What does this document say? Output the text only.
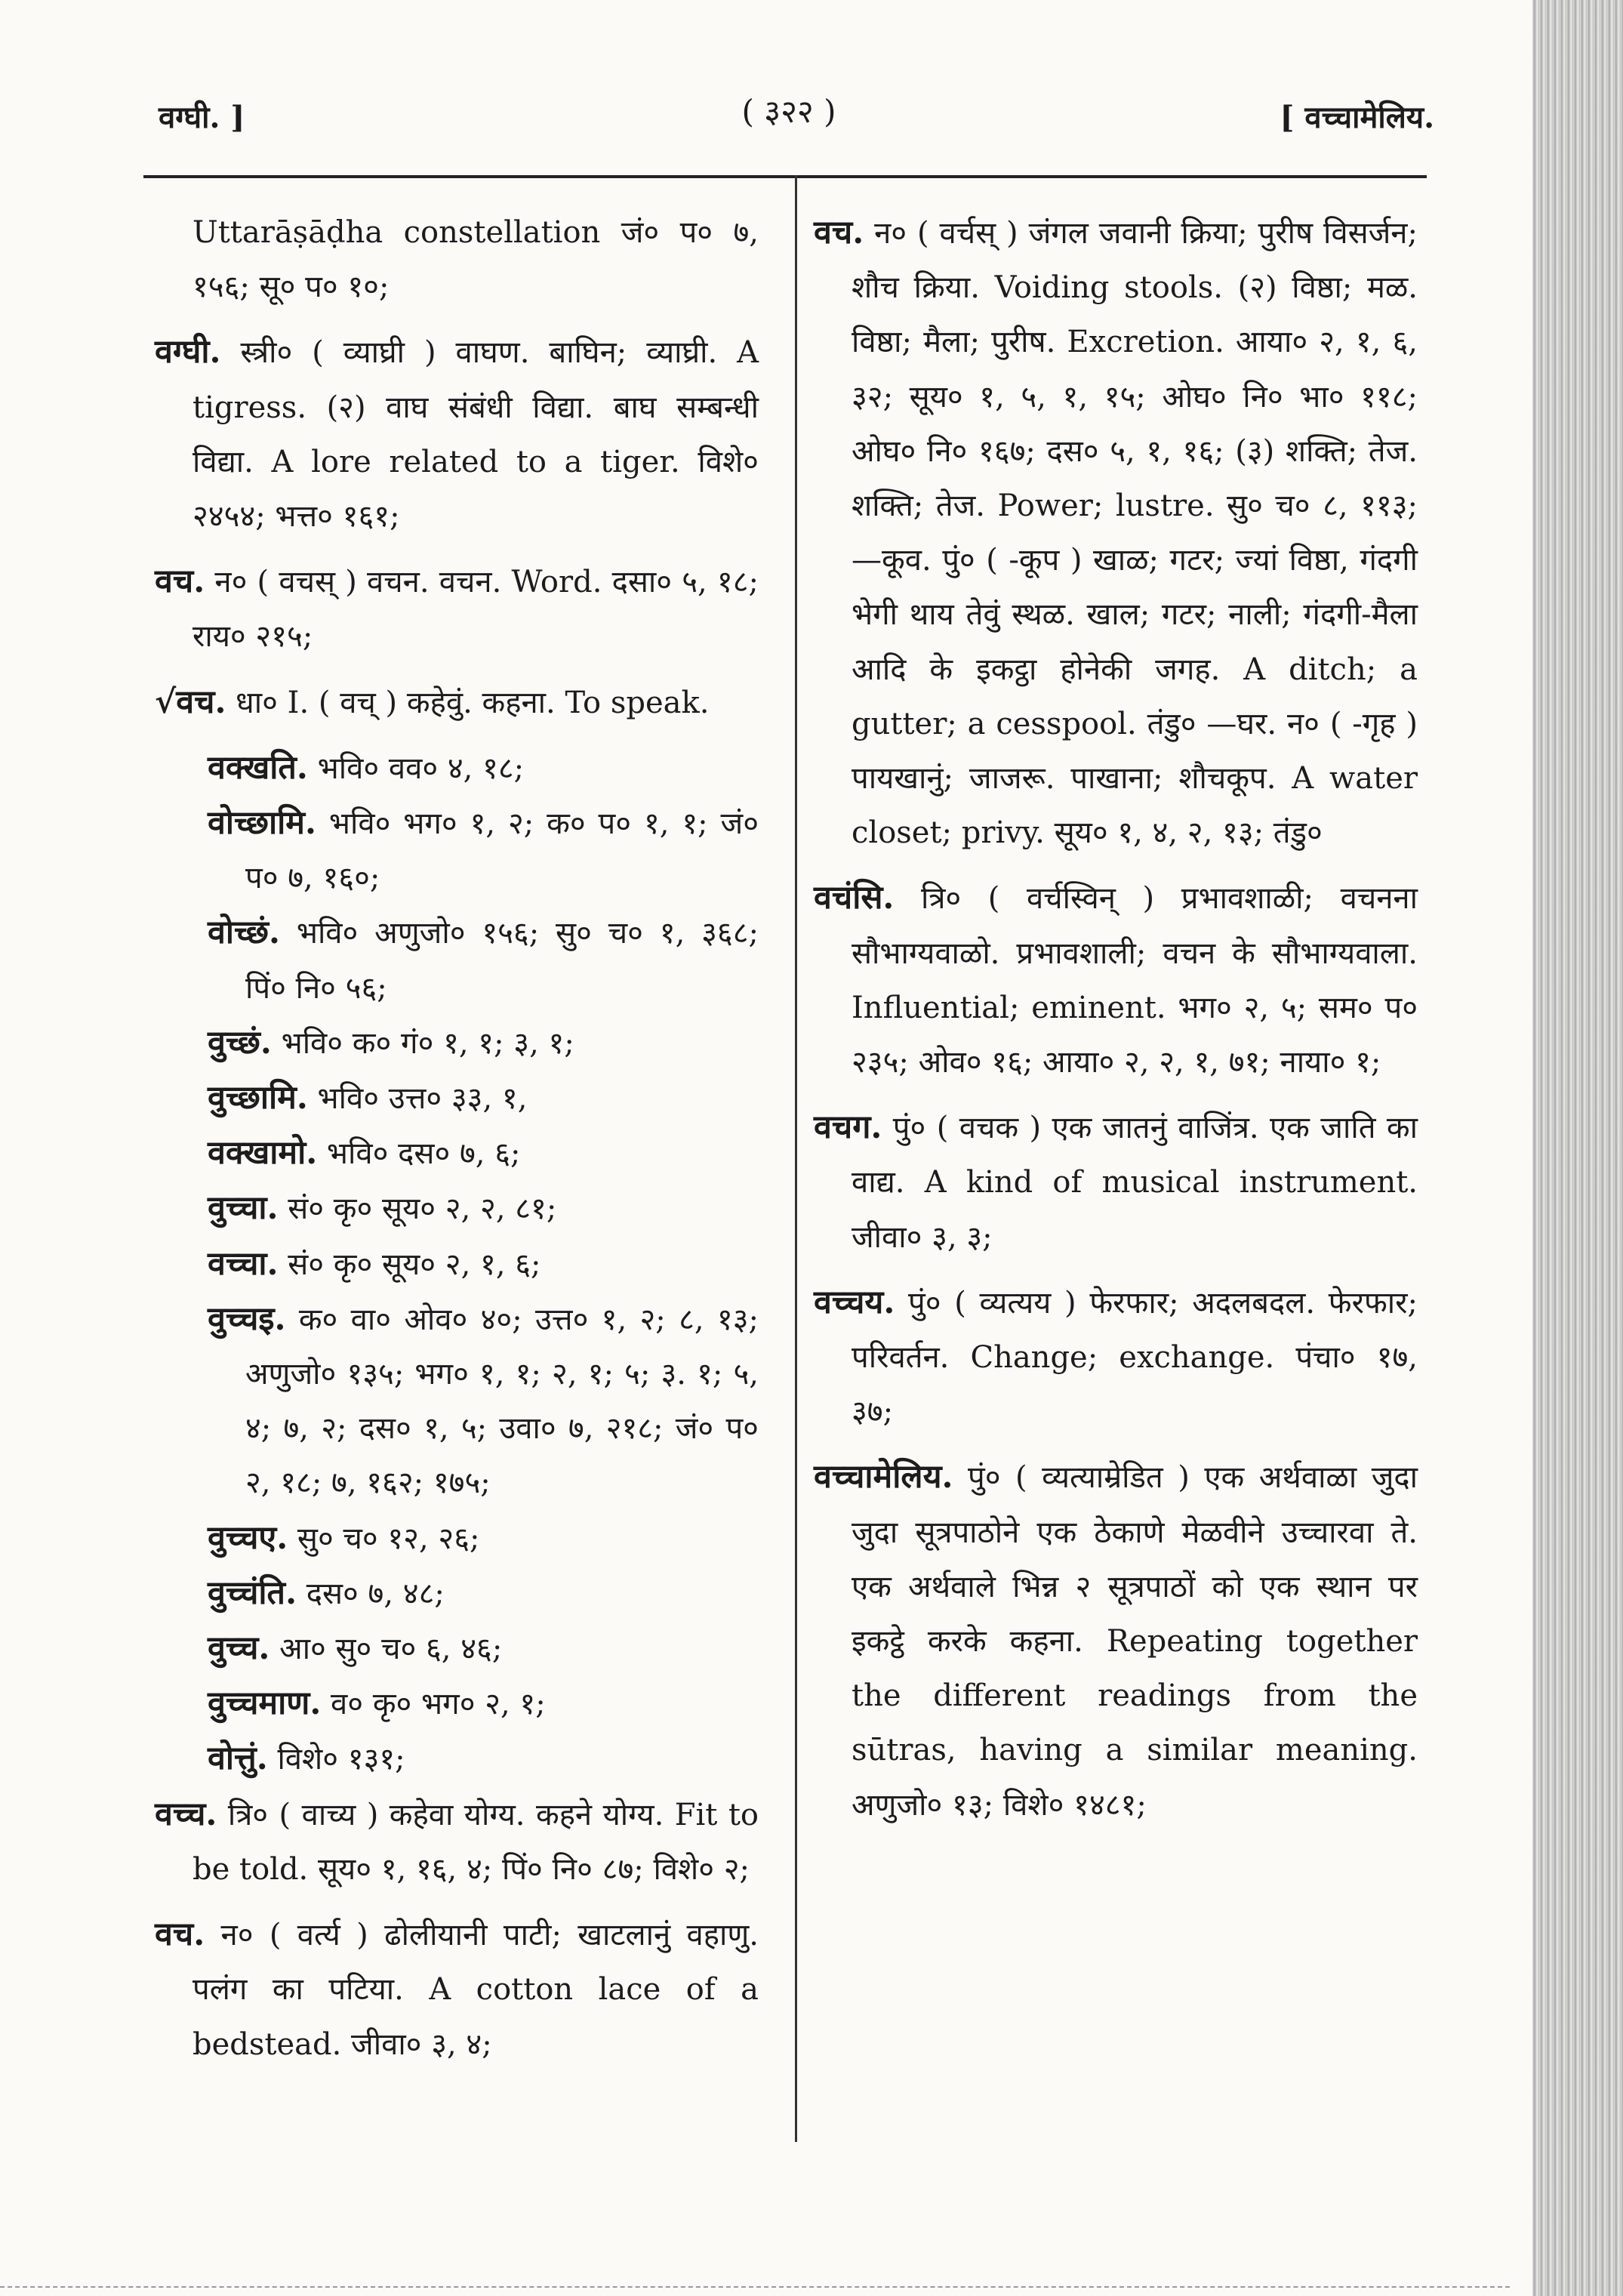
वग्घी. ]	( ३२२ )	[ वच्चामेलिय.

Uttarāṣāḍha constellation जं० प० ७, १५६; सू० प० १०;

वग्घी. स्त्री० ( व्याघ्री ) वाघण. बाघिन; व्याघ्री. A tigress. (२) वाघ संबंधी विद्या. बाघ सम्बन्धी विद्या. A lore related to a tiger. विशे० २४५४; भत्त० १६१;

वच. न० ( वचस् ) वचन. वचन. Word. दसा० ५, १८; राय० २१५;

√वच. धा० I. ( वच् ) कहेवुं. कहना. To speak.

वक्खति. भवि० वव० ४, १८;

वोच्छामि. भवि० भग० १, २; क० प० १, १; जं० प० ७, १६०;

वोच्छं. भवि० अणुजो० १५६; सु० च० १, ३६८; पिं० नि० ५६;

वुच्छं. भवि० क० गं० १, १; ३, १;

वुच्छामि. भवि० उत्त० ३३, १,

वक्खामो. भवि० दस० ७, ६;

वुच्चा. सं० कृ० सूय० २, २, ८१;

वच्चा. सं० कृ० सूय० २, १, ६;

वुच्चइ. क० वा० ओव० ४०; उत्त० १, २; ८, १३; अणुजो० १३५; भग० १, १; २, १; ५; ३. १; ५, ४; ७, २; दस० १, ५; उवा० ७, २१८; जं० प० २, १८; ७, १६२; १७५;

वुच्चए. सु० च० १२, २६;

वुच्चंति. दस० ७, ४८;

वुच्च. आ० सु० च० ६, ४६;

वुच्चमाण. व० कृ० भग० २, १;

वोत्तुं. विशे० १३१;

वच्च. त्रि० ( वाच्य ) कहेवा योग्य. कहने योग्य. Fit to be told. सूय० १, १६, ४; पिं० नि० ८७; विशे० २;

वच. न० ( वर्त्य ) ढोलीयानी पाटी; खाटलानुं वहाणु. पलंग का पटिया. A cotton lace of a bedstead. जीवा० ३, ४;

वच. न० ( वर्चस् ) जंगल जवानी क्रिया; पुरीष विसर्जन; शौच क्रिया. Voiding stools. (२) विष्ठा; मळ. विष्ठा; मैला; पुरीष. Excretion. आया० २, १, ६, ३२; सूय० १, ५, १, १५; ओघ० नि० भा० ११८; ओघ० नि० १६७; दस० ५, १, १६; (३) शक्ति; तेज. शक्ति; तेज. Power; lustre. सु० च० ८, ११३; —कूव. पुं० ( -कूप ) खाळ; गटर; ज्यां विष्ठा, गंदगी भेगी थाय तेवुं स्थळ. खाल; गटर; नाली; गंदगी-मैला आदि के इकट्ठा होनेकी जगह. A ditch; a gutter; a cesspool. तंडु० —घर. न० ( -गृह ) पायखानुं; जाजरू. पाखाना; शौचकूप. A water closet; privy. सूय० १, ४, २, १३; तंडु०

वचंसि. त्रि० ( वर्चस्विन् ) प्रभावशाळी; वचनना सौभाग्यवाळो. प्रभावशाली; वचन के सौभाग्यवाला. Influential; eminent. भग० २, ५; सम० प० २३५; ओव० १६; आया० २, २, १, ७१; नाया० १;

वचग. पुं० ( वचक ) एक जातनुं वाजिंत्र. एक जाति का वाद्य. A kind of musical instrument. जीवा० ३, ३;

वच्चय. पुं० ( व्यत्यय ) फेरफार; अदलबदल. फेरफार; परिवर्तन. Change; exchange. पंचा० १७, ३७;

वच्चामेलिय. पुं० ( व्यत्याम्रेडित ) एक अर्थवाळा जुदा जुदा सूत्रपाठोने एक ठेकाणे मेळवीने उच्चारवा ते. एक अर्थवाले भिन्न २ सूत्रपाठों को एक स्थान पर इकट्ठे करके कहना. Repeating together the different readings from the sūtras, having a similar meaning. अणुजो० १३; विशे० १४८१;
